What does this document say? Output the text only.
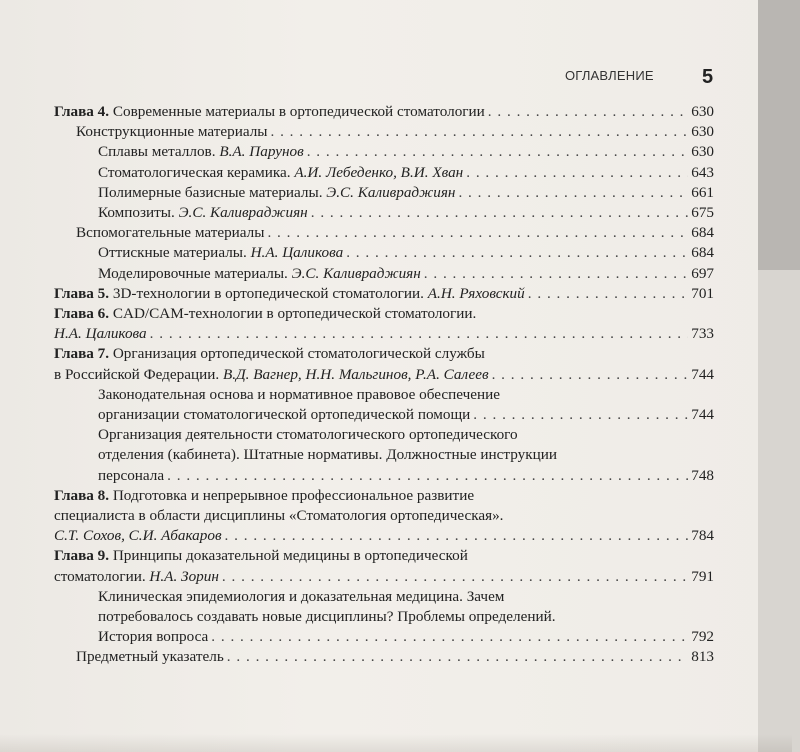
ОГЛАВЛЕНИЕ 5
Глава 4. Современные материалы в ортопедической стоматологии . . .	630
Конструкционные материалы . . .	630
Сплавы металлов. В.А. Парунов . . .	630
Стоматологическая керамика. А.И. Лебеденко, В.И. Хван . . .	643
Полимерные базисные материалы. Э.С. Каливраджиян . . .	661
Композиты. Э.С. Каливраджиян . . .	675
Вспомогательные материалы . . .	684
Оттискные материалы. Н.А. Цаликова . . .	684
Моделировочные материалы. Э.С. Каливраджиян . . .	697
Глава 5. 3D-технологии в ортопедической стоматологии. А.Н. Ряховский . . .	701
Глава 6. CAD/CAM-технологии в ортопедической стоматологии.
Н.А. Цаликова . . .	733
Глава 7. Организация ортопедической стоматологической службы
в Российской Федерации. В.Д. Вагнер, Н.Н. Мальгинов, Р.А. Салеев . . .	744
Законодательная основа и нормативное правовое обеспечение
организации стоматологической ортопедической помощи . . .	744
Организация деятельности стоматологического ортопедического
отделения (кабинета). Штатные нормативы. Должностные инструкции
персонала . . .	748
Глава 8. Подготовка и непрерывное профессиональное развитие
специалиста в области дисциплины «Стоматология ортопедическая».
С.Т. Сохов, С.И. Абакаров . . .	784
Глава 9. Принципы доказательной медицины в ортопедической
стоматологии. Н.А. Зорин . . .	791
Клиническая эпидемиология и доказательная медицина. Зачем
потребовалось создавать новые дисциплины? Проблемы определений.
История вопроса . . .	792
Предметный указатель . . .	813
